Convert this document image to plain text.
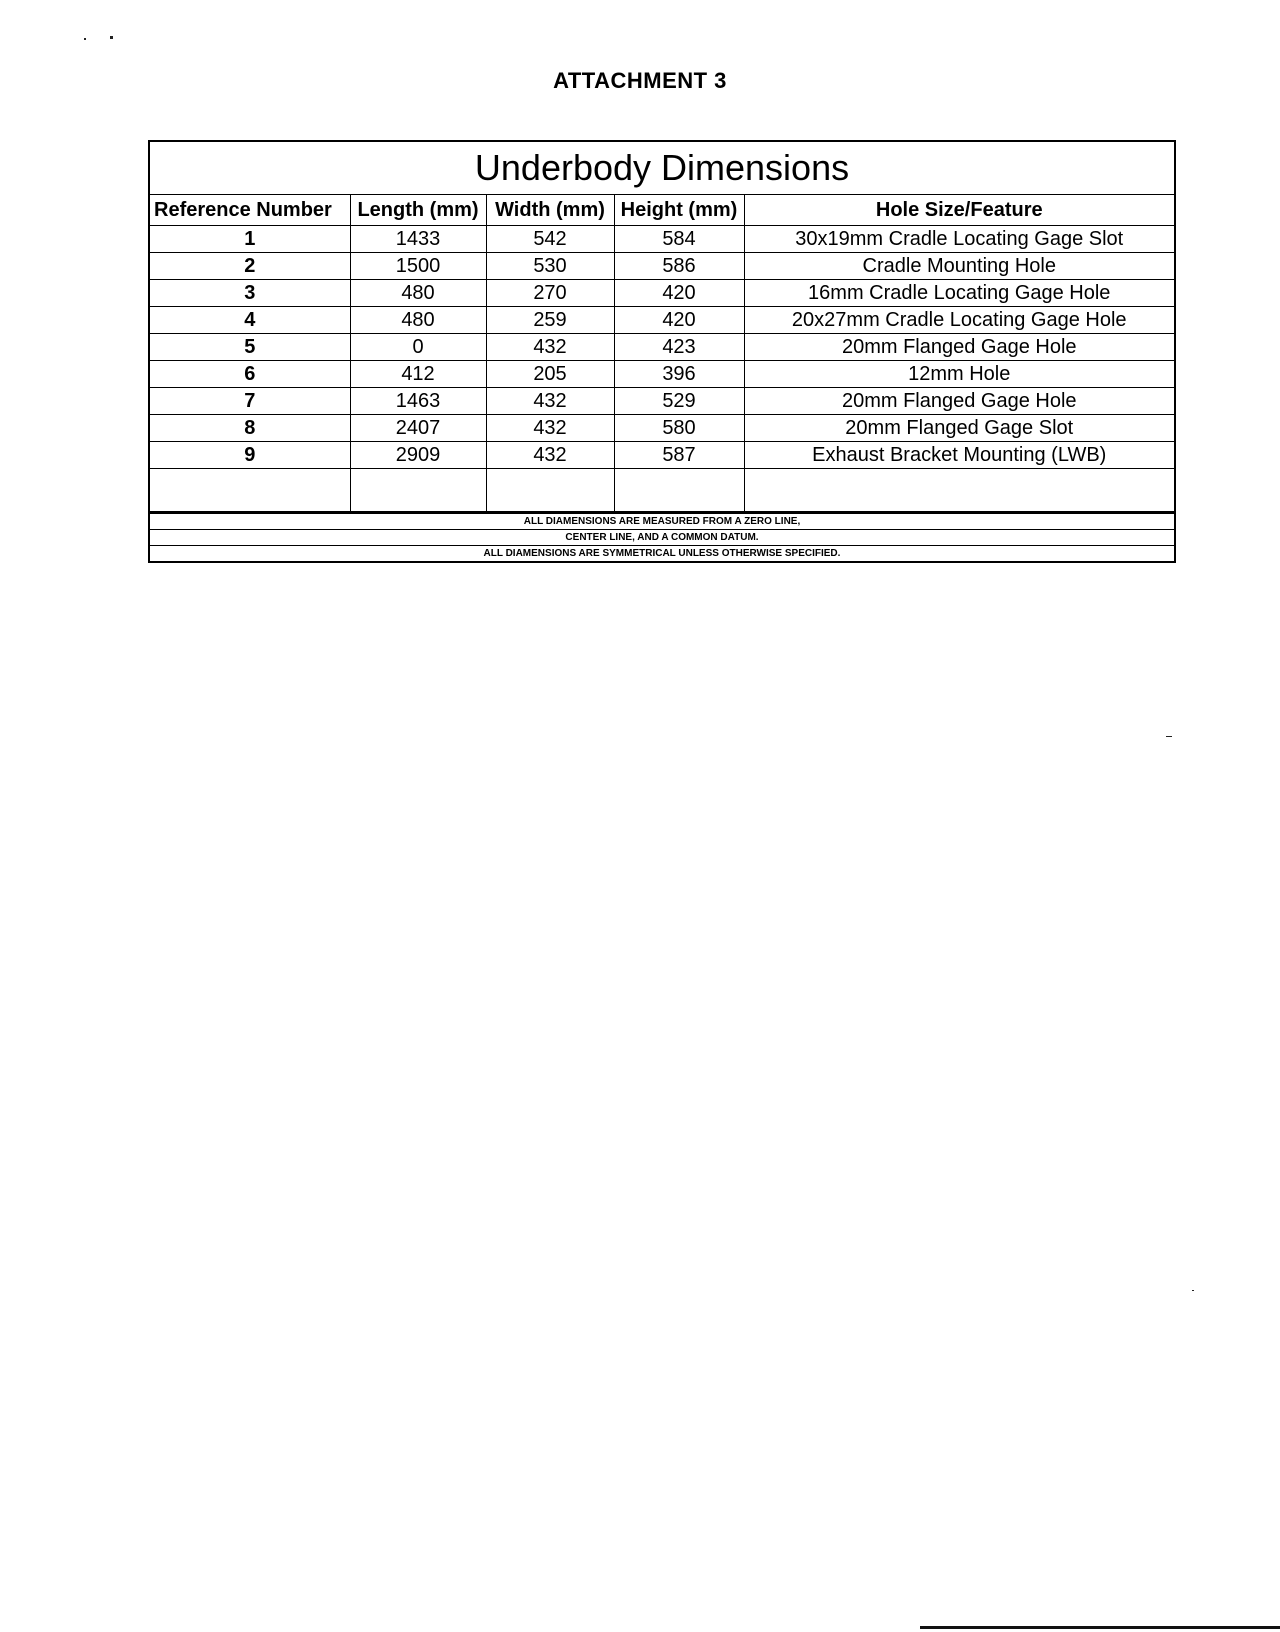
ATTACHMENT 3
Underbody Dimensions
Reference Number	Length (mm)	Width (mm)	Height (mm)	Hole Size/Feature
1	1433	542	584	30x19mm Cradle Locating Gage Slot
2	1500	530	586	Cradle Mounting Hole
3	480	270	420	16mm Cradle Locating Gage Hole
4	480	259	420	20x27mm Cradle Locating Gage Hole
5	0	432	423	20mm Flanged Gage Hole
6	412	205	396	12mm Hole
7	1463	432	529	20mm Flanged Gage Hole
8	2407	432	580	20mm Flanged Gage Slot
9	2909	432	587	Exhaust Bracket Mounting (LWB)

ALL DIAMENSIONS ARE MEASURED FROM A ZERO LINE,
CENTER LINE, AND A COMMON DATUM.
ALL DIAMENSIONS ARE SYMMETRICAL UNLESS OTHERWISE SPECIFIED.
